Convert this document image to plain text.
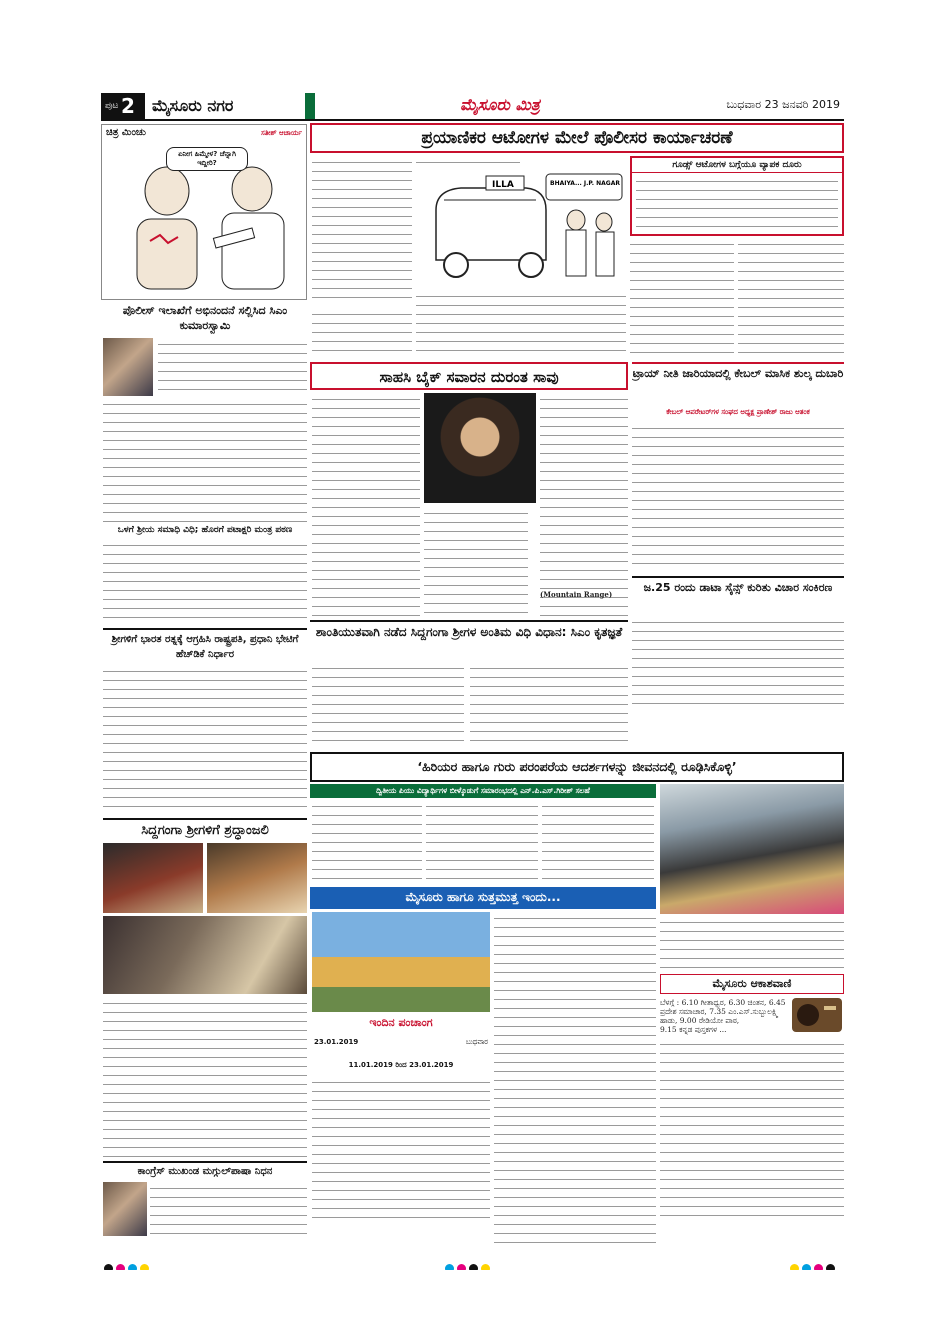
ಪುಟ 2 ಮೈಸೂರು ನಗರ	ಮೈಸೂರು ಮಿತ್ರ	ಬುಧವಾರ 23 ಜನವರಿ 2019
ಚಿತ್ರ ಮಿಂಚು	ಸತೀಶ್ ಆಚಾರ್ಯ
ಏನೀಗ ಹಿಮ್ಮೇಳ? ಚೆನ್ನಾಗಿ ಇದ್ದೀರಿ?
ಪೊಲೀಸ್ ಇಲಾಖೆಗೆ ಅಭಿನಂದನೆ ಸಲ್ಲಿಸಿದ ಸಿಎಂ ಕುಮಾರಸ್ವಾಮಿ
ಒಳಗೆ ಶ್ರೀಯ ಸಮಾಧಿ ವಿಧಿ; ಹೊರಗೆ ಪಟಾಕ್ಷರಿ ಮಂತ್ರ ಪಠಣ
ಶ್ರೀಗಳಿಗೆ ಭಾರತ ರತ್ನಕ್ಕೆ ಆಗ್ರಹಿಸಿ ರಾಷ್ಟ್ರಪತಿ, ಪ್ರಧಾನಿ ಭೇಟಿಗೆ ಹೆಚ್‌ಡಿಕೆ ನಿರ್ಧಾರ
ಸಿದ್ದಗಂಗಾ ಶ್ರೀಗಳಿಗೆ ಶ್ರದ್ಧಾಂಜಲಿ
ಕಾಂಗ್ರೆಸ್ ಮುಖಂಡ ಮಗ್ಗುಲ್‌ಪಾಷಾ ನಿಧನ
ಪ್ರಯಾಣಿಕರ ಆಟೋಗಳ ಮೇಲೆ ಪೊಲೀಸರ ಕಾರ್ಯಾಚರಣೆ
ILLA	BHAIYA... J.P. NAGAR
ಗೂಡ್ಸ್ ಆಟೋಗಳ ಬಗ್ಗೆಯೂ ವ್ಯಾಪಕ ದೂರು
ಸಾಹಸಿ ಬೈಕ್ ಸವಾರನ ದುರಂತ ಸಾವು
(Mountain Range)
ಟ್ರಾಯ್ ನೀತಿ ಜಾರಿಯಾದಲ್ಲಿ ಕೇಬಲ್ ಮಾಸಿಕ ಶುಲ್ಕ ದುಬಾರಿ
ಕೇಬಲ್ ಆಪರೇಟರ್‌ಗಳ ಸಂಘದ ಅಧ್ಯಕ್ಷ ಪ್ರಾಣೇಶ್ ರಾಜು ಆತಂಕ
ಜ.25 ರಂದು ಡಾಟಾ ಸೈನ್ಸ್ ಕುರಿತು ವಿಚಾರ ಸಂಕಿರಣ
ಶಾಂತಿಯುತವಾಗಿ ನಡೆದ ಸಿದ್ದಗಂಗಾ ಶ್ರೀಗಳ ಅಂತಿಮ ವಿಧಿ ವಿಧಾನ: ಸಿಎಂ ಕೃತಜ್ಞತೆ
‘ಹಿರಿಯರ ಹಾಗೂ ಗುರು ಪರಂಪರೆಯ ಆದರ್ಶಗಳನ್ನು ಜೀವನದಲ್ಲಿ ರೂಢಿಸಿಕೊಳ್ಳಿ’
ದ್ವಿತೀಯ ಪಿಯು ವಿದ್ಯಾರ್ಥಿಗಳ ಬೀಳ್ಕೊಡುಗೆ ಸಮಾರಂಭದಲ್ಲಿ ಎನ್.ಪಿ.ಎಸ್.ಗಿರೀಶ್ ಸಲಹೆ
ಮೈಸೂರು ಹಾಗೂ ಸುತ್ತಮುತ್ತ ಇಂದು...
ಇಂದಿನ ಪಂಚಾಂಗ
23.01.2019	ಬುಧವಾರ
11.01.2019 ರಿಂದ 23.01.2019
ಮೈಸೂರು ಆಕಾಶವಾಣಿ
ಬೆಳಗ್ಗೆ : 6.10 ಗೀತಾಧ್ವರ, 6.30 ಚಿಂತನ, 6.45
ಪ್ರದೇಶ ಸಮಾಚಾರ, 7.35 ಎಂ.ಎಸ್.ಸುಬ್ಬುಲಕ್ಷ್ಮಿ
ಹಾಡು, 9.00 ರೇಡಿಯೋ ಪಾಠ,
9.15 ಕನ್ನಡ ಪುಸ್ತಕಗಳ ...
